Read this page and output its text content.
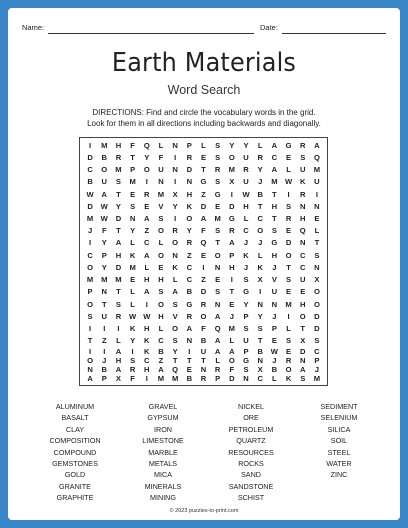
Name:	Date:
Earth Materials
Word Search
DIRECTIONS: Find and circle the vocabulary words in the grid.
Look for them in all directions including backwards and diagonally.
I	M	H	F	Q	L	N	P	L	S	Y	Y	L	A	G	R	A
D	B	R	T	Y	F	I	R	E	S	O	U	R	C	E	S	Q
C	O	M	P	O	U	N	D	T	R	M	R	Y	A	L	U	M
B	U	S	M	I	N	I	N	G	S	X	U	J	M W	K	U
W	A	T	E	R	M	X	H	Z	G	I	W	B	T	I	R	I
D	W	Y	S	E	V	Y	K	D	E	D	H	T	H	S	N	N
M W	D	N	A	S	I	O	A	M	G	L	C	T	R	H	E
J	F	T	Y	Z	O	R	Y	F	S	R	C	O	S	E	Q	L
I	Y	A	L	C	L	O	R	Q	T	A	J	J	G	D	N	T
C	P	H	K	A	O	N	Z	E	O	P	K	L	H	O	C	S
O	Y	D	M	L	E	K	C	I	N	H	J	K	J	T	C	N
M	M	M	E	H	H	L	C	Z	E	I	S	X	V	S	U	X
P	N	T	L	A	S	A	B	D	S	T	G	I	U	E	E	O
O	T	S	L	I	O	S	G	R	N	E	Y	N	N	M	H	O
S	U	R	W W	H	V	R	O	A	J	P	Y	J	I	O	D
I	I	I	K	H	L	O	A	F	Q	M	S	S	P	L	T	D
T	Z	L	Y	K	C	S	N	B	A	L	U	T	E	S	X	S
I	I	A	I	K	B	Y	I	U	A	A	P	B	W	E	D	C
O	J	H	S	C	Z	T	T	T	L	O	G	N	J	R	N	P
N	B	A	R	H	A	Q	E	N	R	F	S	X	B	O	A	J
A	P	X	F	I	M	M	B	R	P	D	N	C	L	K	S	M
ALUMINUM
BASALT
CLAY
COMPOSITION
COMPOUND
GEMSTONES
GOLD
GRANITE
GRAPHITE
GRAVEL
GYPSUM
IRON
LIMESTONE
MARBLE
METALS
MICA
MINERALS
MINING
NICKEL
ORE
PETROLEUM
QUARTZ
RESOURCES
ROCKS
SAND
SANDSTONE
SCHIST
SEDIMENT
SELENIUM
SILICA
SOIL
STEEL
WATER
ZINC
© 2023 puzzles-to-print.com
